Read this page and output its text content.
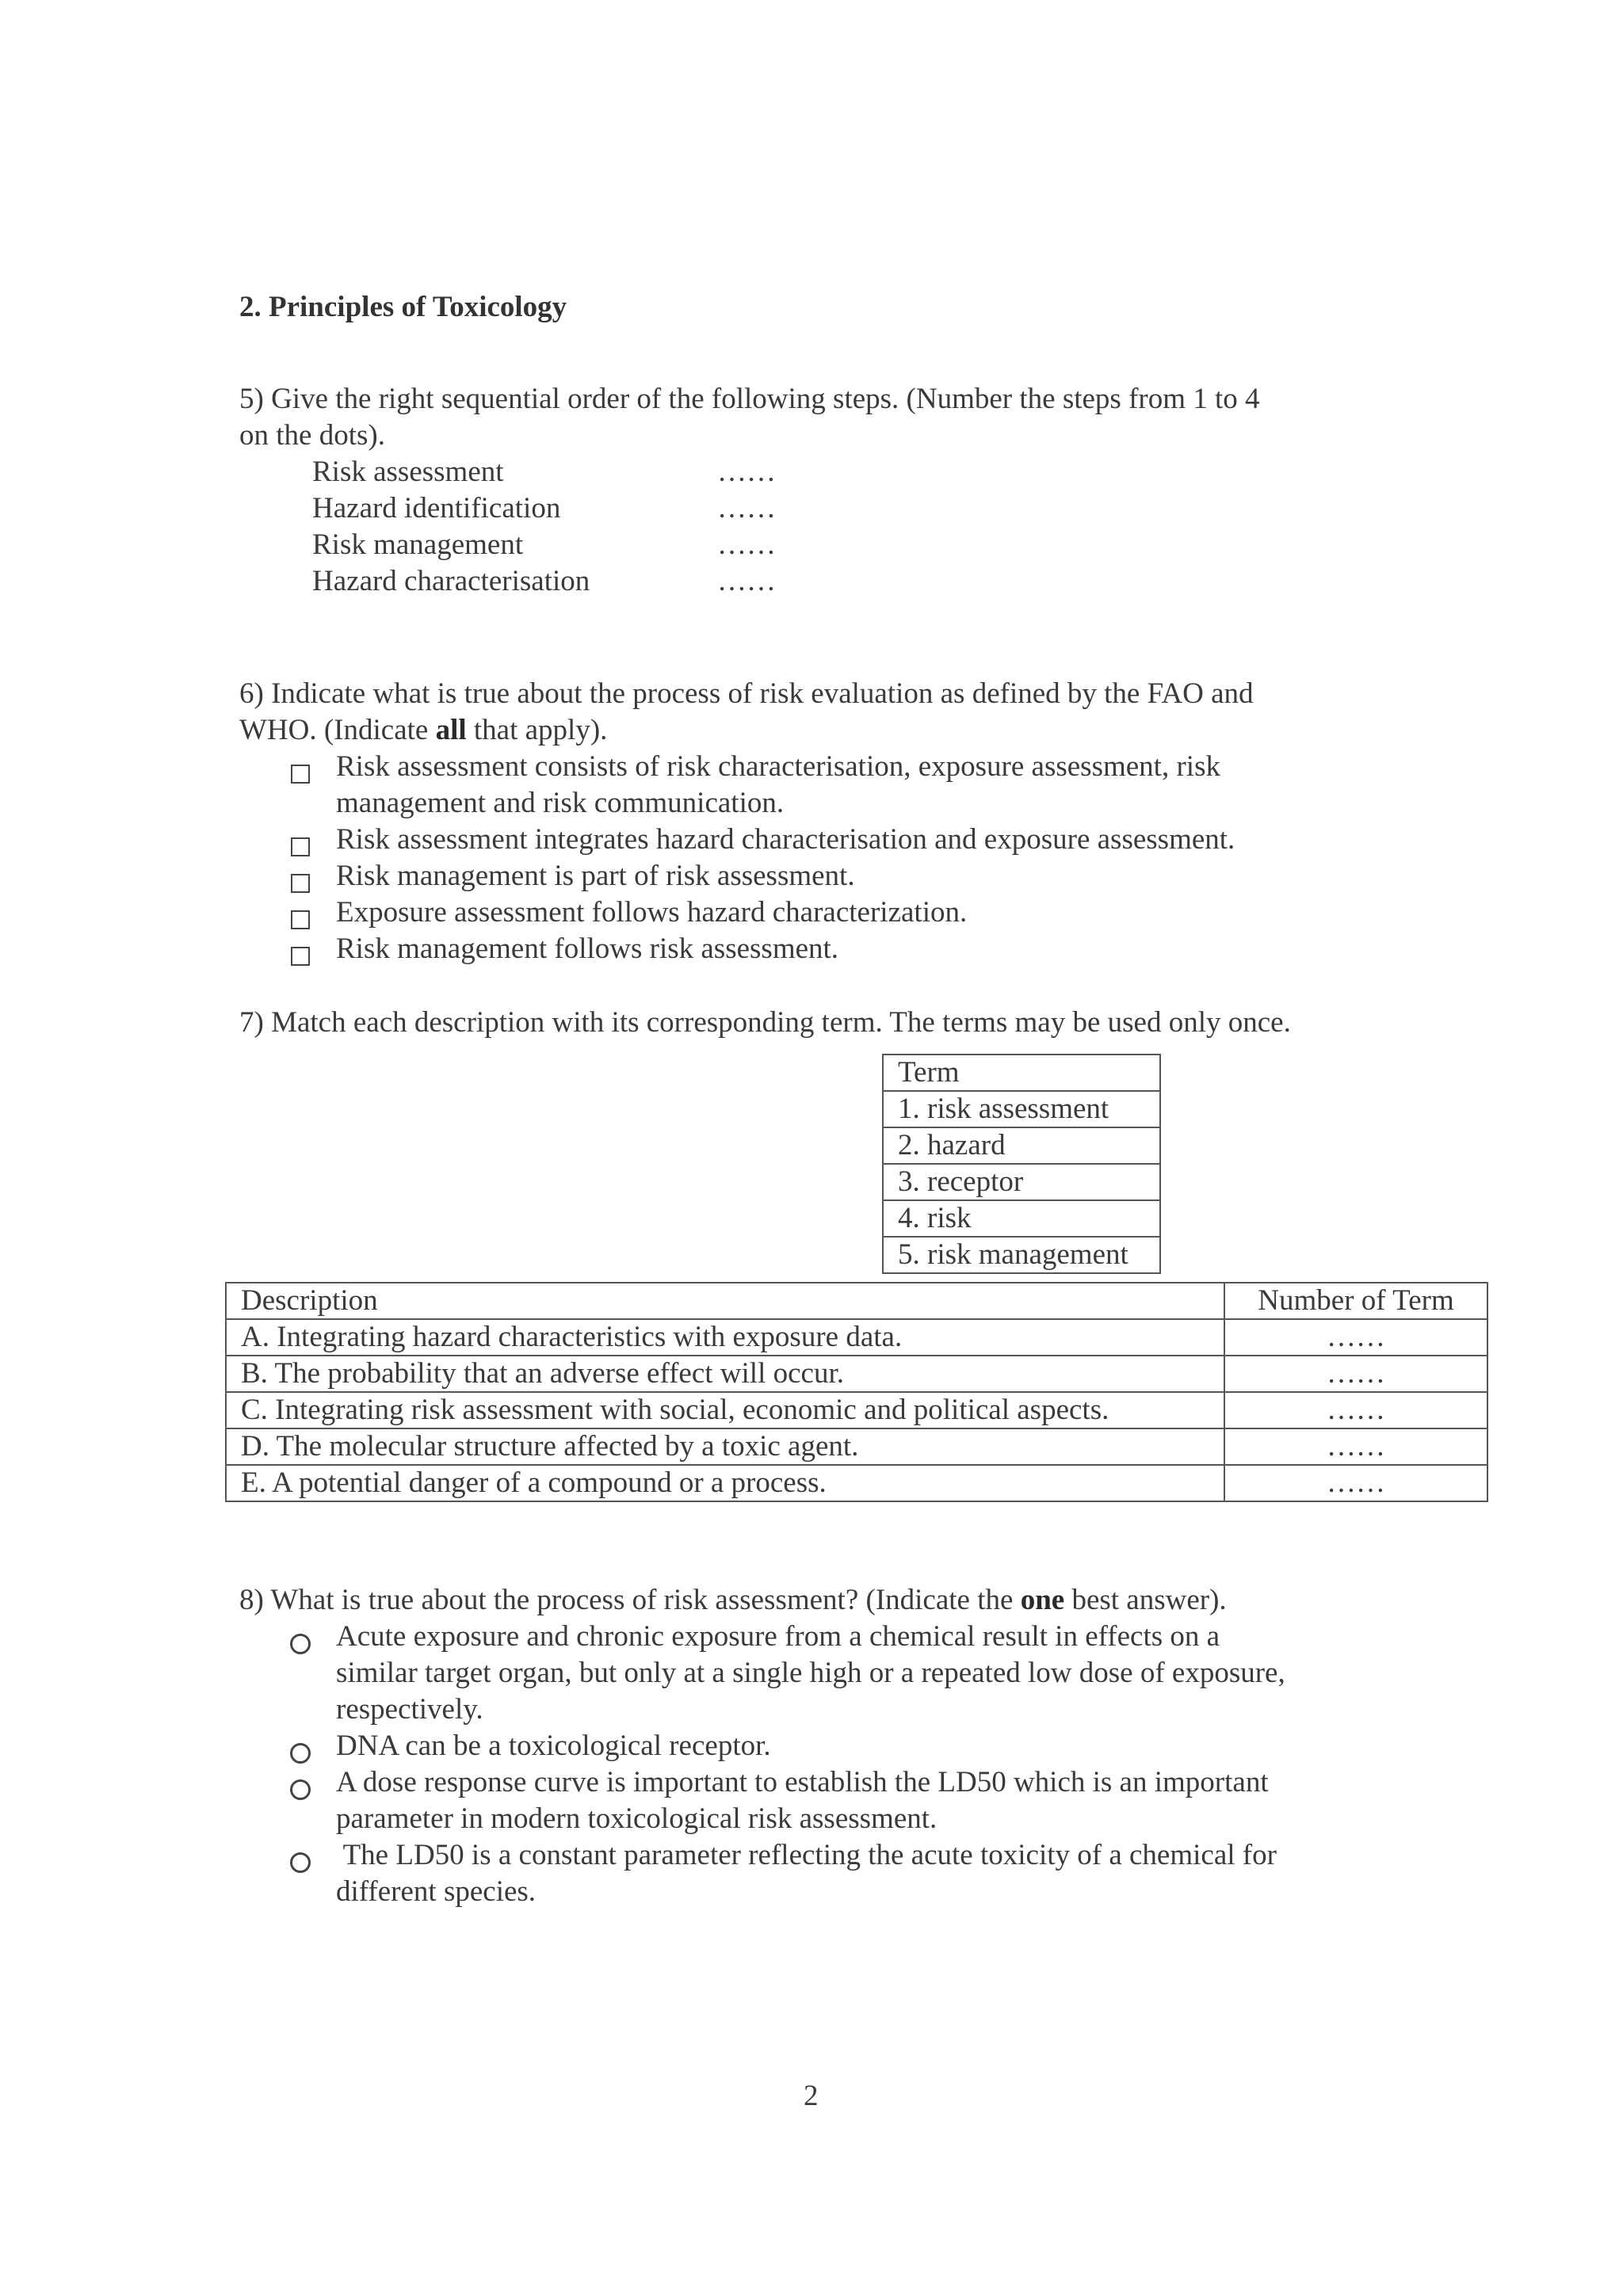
2. Principles of Toxicology
5) Give the right sequential order of the following steps. (Number the steps from 1 to 4
on the dots).
Risk assessment	……
Hazard identification	……
Risk management	……
Hazard characterisation	……
6) Indicate what is true about the process of risk evaluation as defined by the FAO and
WHO. (Indicate all that apply).
Risk assessment consists of risk characterisation, exposure assessment, risk
management and risk communication.
Risk assessment integrates hazard characterisation and exposure assessment.
Risk management is part of risk assessment.
Exposure assessment follows hazard characterization.
Risk management follows risk assessment.
7) Match each description with its corresponding term. The terms may be used only once.
Term
1. risk assessment
2. hazard
3. receptor
4. risk
5. risk management
Description	Number of Term
A. Integrating hazard characteristics with exposure data.	……
B. The probability that an adverse effect will occur.	……
C. Integrating risk assessment with social, economic and political aspects.	……
D. The molecular structure affected by a toxic agent.	……
E. A potential danger of a compound or a process.	……
8) What is true about the process of risk assessment? (Indicate the one best answer).
Acute exposure and chronic exposure from a chemical result in effects on a
similar target organ, but only at a single high or a repeated low dose of exposure,
respectively.
DNA can be a toxicological receptor.
A dose response curve is important to establish the LD50 which is an important
parameter in modern toxicological risk assessment.
The LD50 is a constant parameter reflecting the acute toxicity of a chemical for
different species.
2
